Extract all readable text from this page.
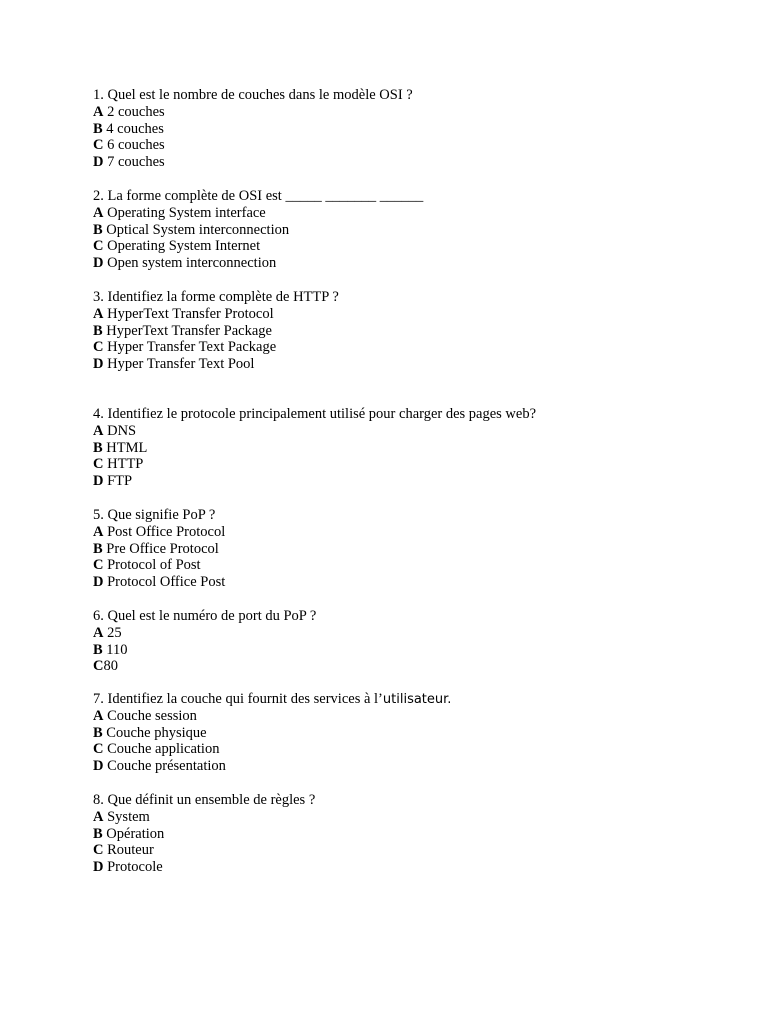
1. Quel est le nombre de couches dans le modèle OSI ?
A 2 couches
B 4 couches
C 6 couches
D 7 couches
2. La forme complète de OSI est _____ _______ ______
A Operating System interface
B Optical System interconnection
C Operating System Internet
D Open system interconnection
3. Identifiez la forme complète de HTTP ?
A HyperText Transfer Protocol
B HyperText Transfer Package
C Hyper Transfer Text Package
D Hyper Transfer Text Pool
4. Identifiez le protocole principalement utilisé pour charger des pages web?
A DNS
B HTML
C HTTP
D FTP
5. Que signifie PoP ?
A Post Office Protocol
B Pre Office Protocol
C Protocol of Post
D Protocol Office Post
6. Quel est le numéro de port du PoP ?
A 25
B 110
C80
7. Identifiez la couche qui fournit des services à l’utilisateur.
A Couche session
B Couche physique
C Couche application
D Couche présentation
8. Que définit un ensemble de règles ?
A System
B Opération
C Routeur
D Protocole
